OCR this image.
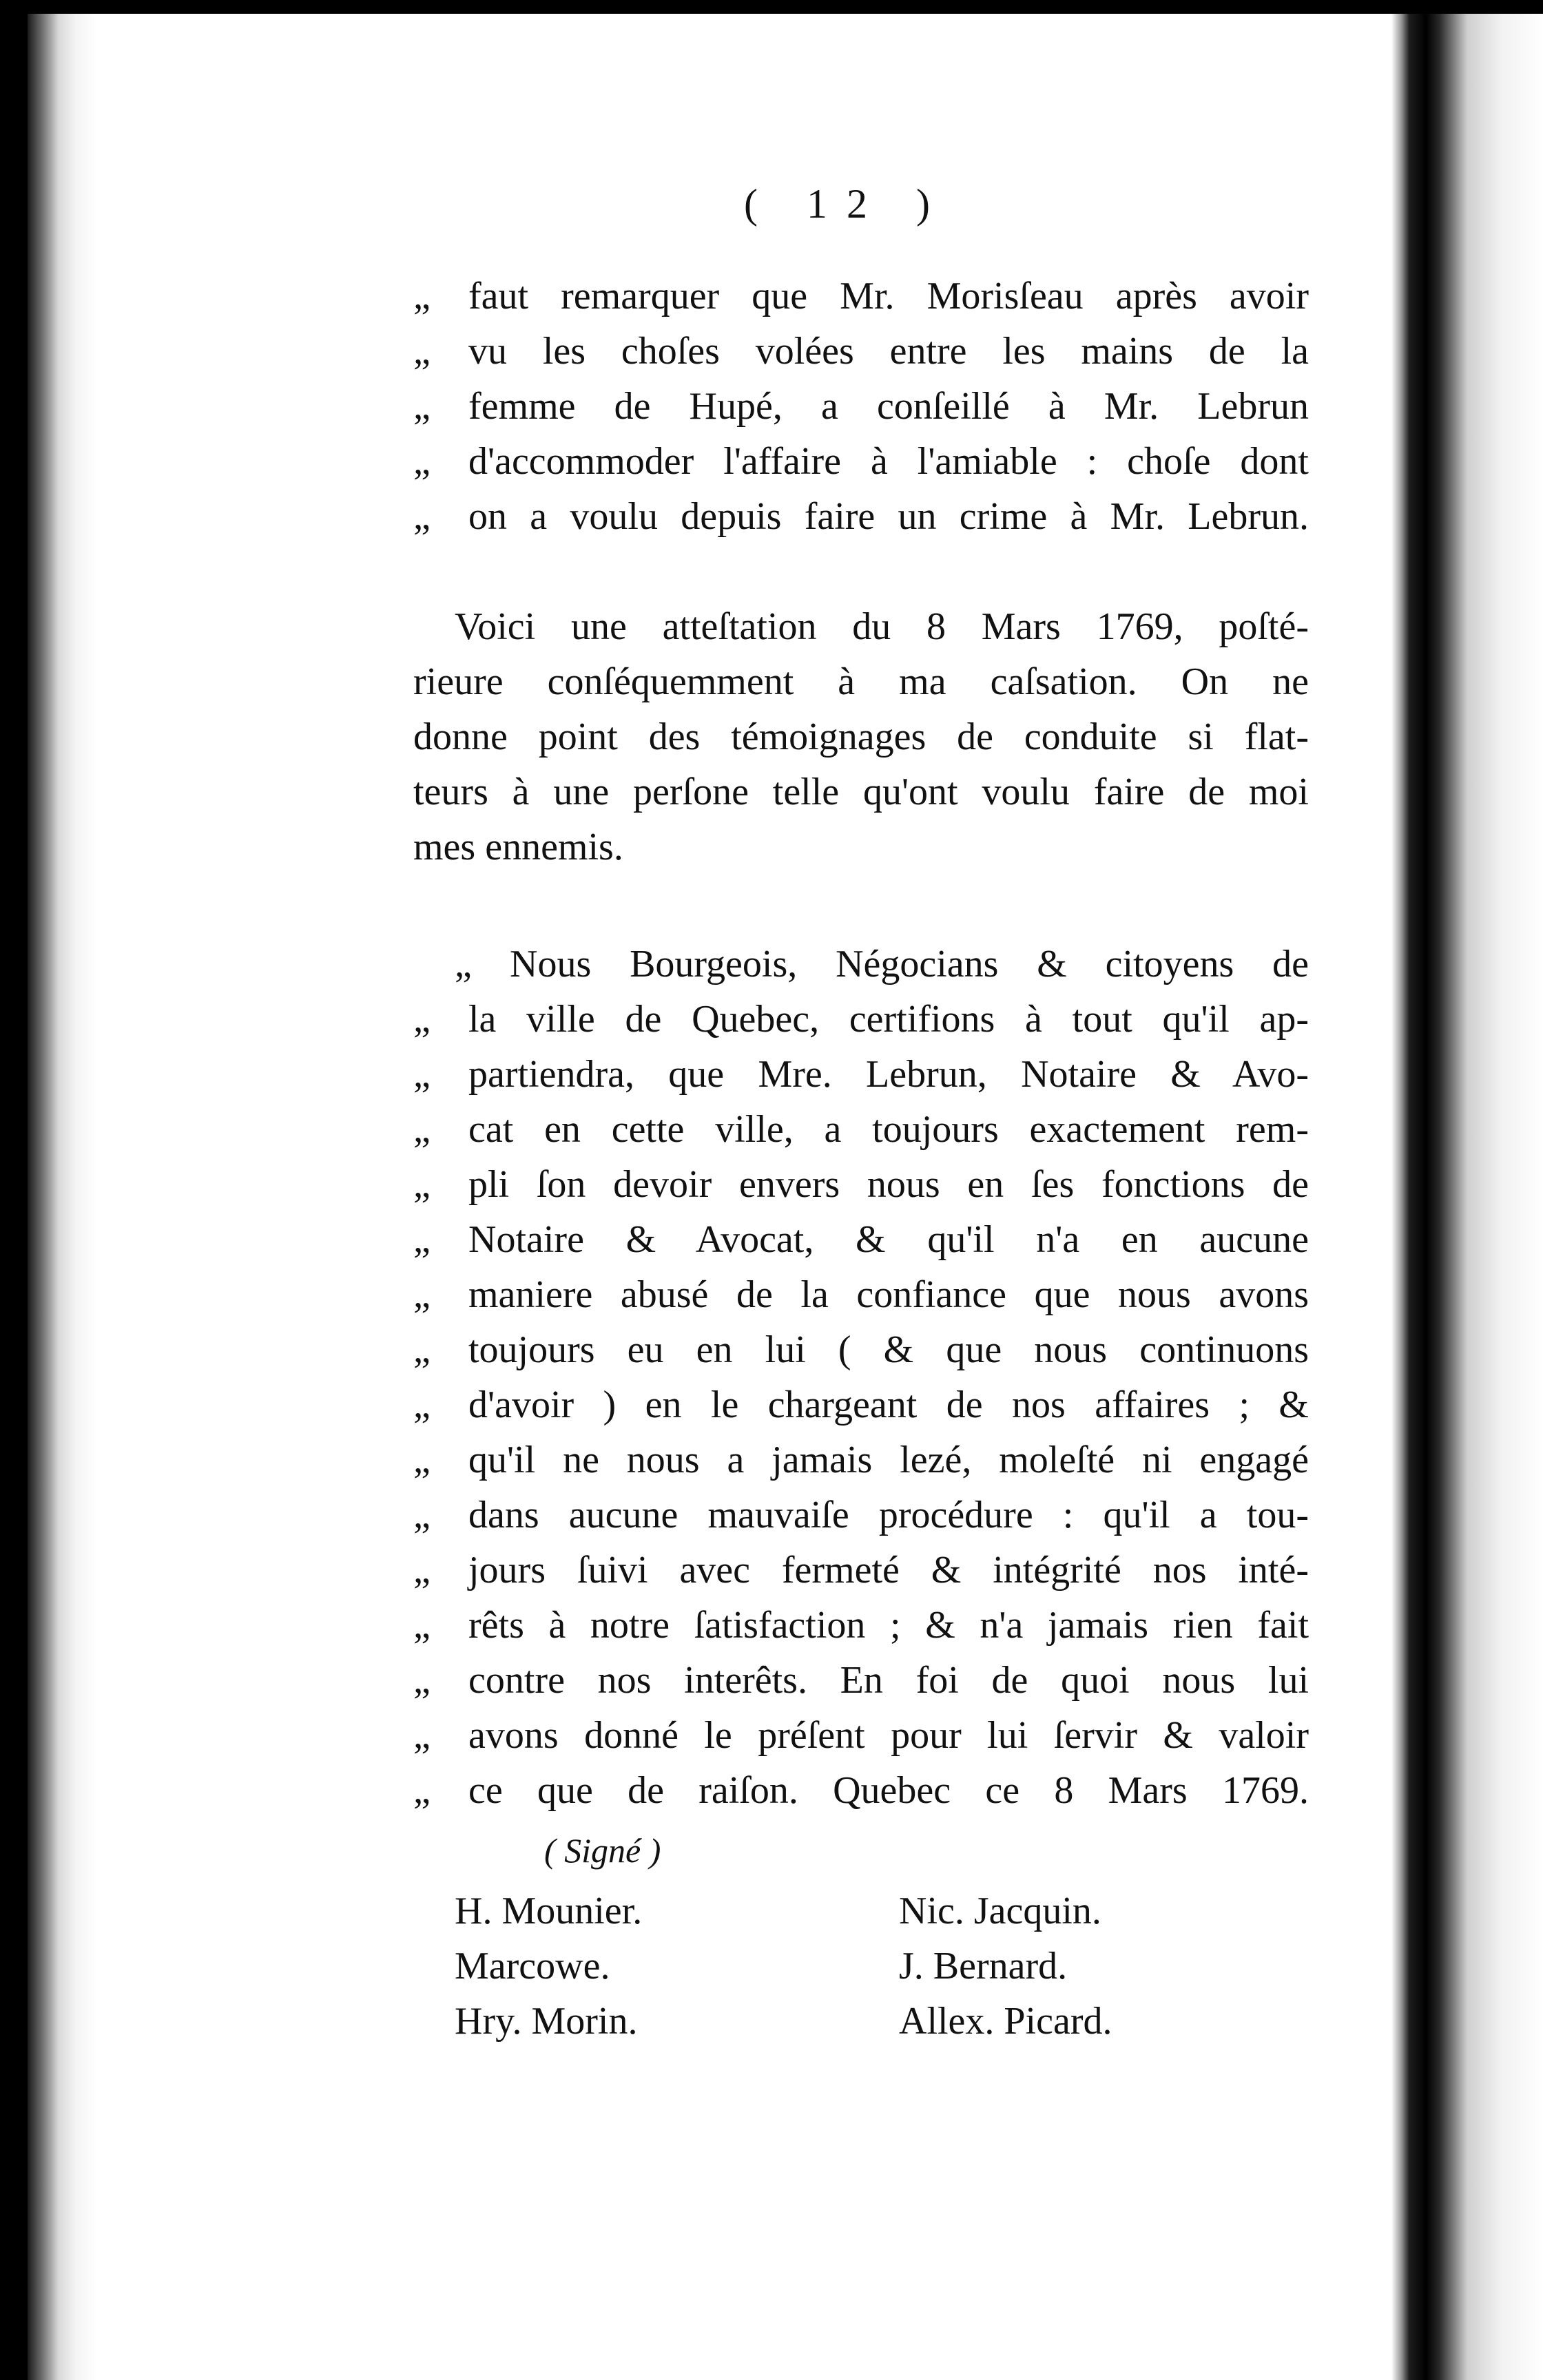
( 12 )
„ faut remarquer que Mr. Morisſeau après avoir
„ vu les choſes volées entre les mains de la
„ femme de Hupé, a conſeillé à Mr. Lebrun
„ d'accommoder l'affaire à l'amiable : choſe dont
„ on a voulu depuis faire un crime à Mr. Lebrun.
Voici une atteſtation du 8 Mars 1769, poſté-
rieure conſéquemment à ma caſsation. On ne
donne point des témoignages de conduite si flat-
teurs à une perſone telle qu'ont voulu faire de moi
mes ennemis.
„ Nous Bourgeois, Négocians & citoyens de
„ la ville de Quebec, certifions à tout qu'il ap-
„ partiendra, que Mre. Lebrun, Notaire & Avo-
„ cat en cette ville, a toujours exactement rem-
„ pli ſon devoir envers nous en ſes fonctions de
„ Notaire & Avocat, & qu'il n'a en aucune
„ maniere abusé de la confiance que nous avons
„ toujours eu en lui ( & que nous continuons
„ d'avoir ) en le chargeant de nos affaires ; &
„ qu'il ne nous a jamais lezé, moleſté ni engagé
„ dans aucune mauvaiſe procédure : qu'il a tou-
„ jours ſuivi avec fermeté & intégrité nos inté-
„ rêts à notre ſatisfaction ; & n'a jamais rien fait
„ contre nos interêts. En foi de quoi nous lui
„ avons donné le préſent pour lui ſervir & valoir
„ ce que de raiſon. Quebec ce 8 Mars 1769.
( Signé )
H. Mounier.
Marcowe.
Hry. Morin.
Nic. Jacquin.
J. Bernard.
Allex. Picard.
